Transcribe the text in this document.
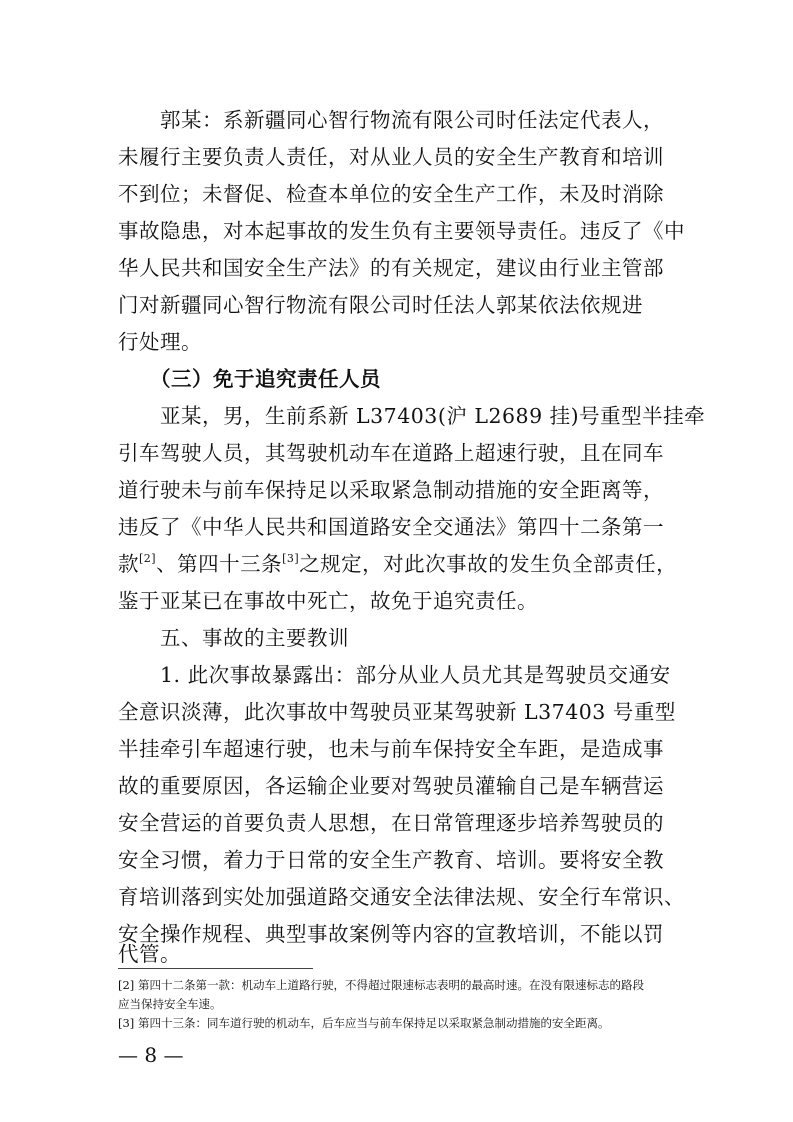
郭某：系新疆同心智行物流有限公司时任法定代表人，
未履行主要负责人责任，对从业人员的安全生产教育和培训
不到位；未督促、检查本单位的安全生产工作，未及时消除
事故隐患，对本起事故的发生负有主要领导责任。违反了《中
华人民共和国安全生产法》的有关规定，建议由行业主管部
门对新疆同心智行物流有限公司时任法人郭某依法依规进
行处理。
（三）免于追究责任人员
亚某，男，生前系新 L37403(沪 L2689 挂)号重型半挂牵
引车驾驶人员，其驾驶机动车在道路上超速行驶，且在同车
道行驶未与前车保持足以采取紧急制动措施的安全距离等，
违反了《中华人民共和国道路安全交通法》第四十二条第一
款[2]、第四十三条[3]之规定，对此次事故的发生负全部责任，
鉴于亚某已在事故中死亡，故免于追究责任。
五、事故的主要教训
1. 此次事故暴露出：部分从业人员尤其是驾驶员交通安
全意识淡薄，此次事故中驾驶员亚某驾驶新 L37403 号重型
半挂牵引车超速行驶，也未与前车保持安全车距，是造成事
故的重要原因，各运输企业要对驾驶员灌输自己是车辆营运
安全营运的首要负责人思想，在日常管理逐步培养驾驶员的
安全习惯，着力于日常的安全生产教育、培训。要将安全教
育培训落到实处加强道路交通安全法律法规、安全行车常识、
安全操作规程、典型事故案例等内容的宣教培训，不能以罚
代管。
[2] 第四十二条第一款：机动车上道路行驶，不得超过限速标志表明的最高时速。在没有限速标志的路段
应当保持安全车速。
[3] 第四十三条：同车道行驶的机动车，后车应当与前车保持足以采取紧急制动措施的安全距离。
— 8 —
